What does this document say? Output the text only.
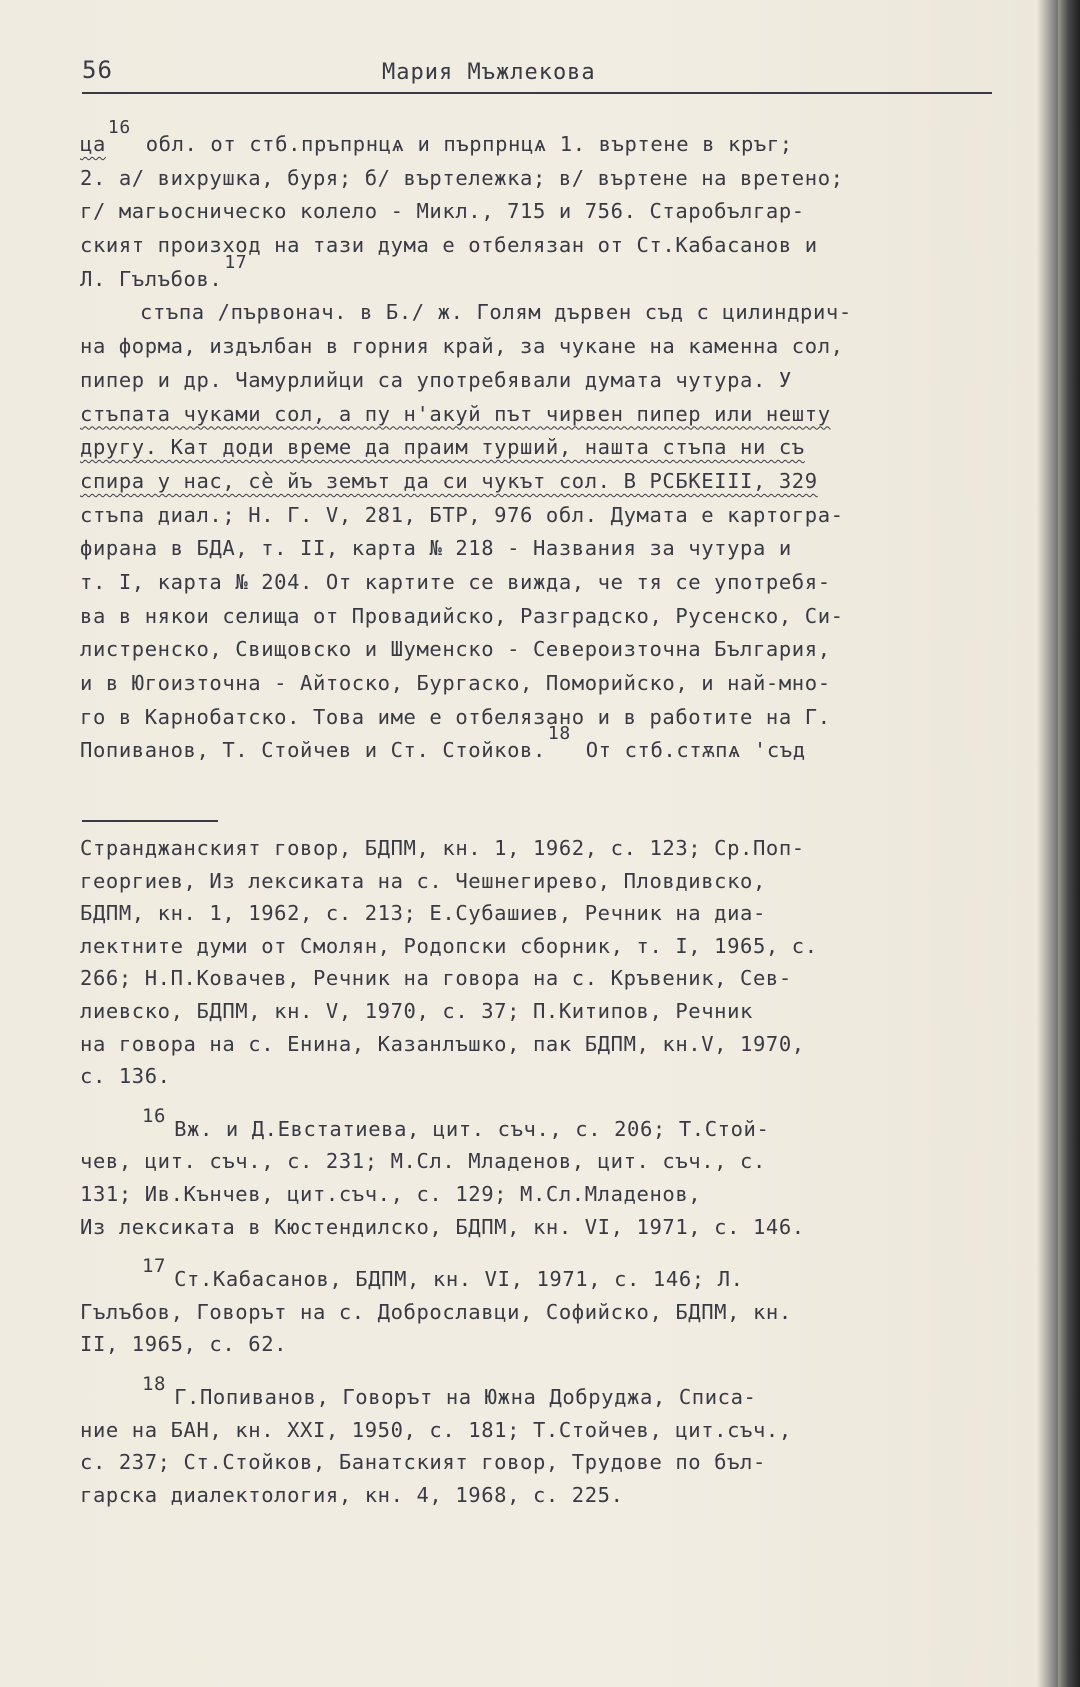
56	Мария Мъжлекова
ца16 обл. от стб.пръпрнцѧ и пърпрнцѧ 1. въртене в кръг;
2. а/ вихрушка, буря; б/ въртележка; в/ въртене на вретено;
г/ магьосническо колело - Микл., 715 и 756. Старобългар-
ският произход на тази дума е отбелязан от Ст.Кабасанов и
Л. Гълъбов.17
стъпа /първонач. в Б./ ж. Голям дървен съд с цилиндрич-
на форма, издълбан в горния край, за чукане на каменна сол,
пипер и др. Чамурлийци са употребявали думата чутура. У
стъпата чуками сол, а пу н'акуй път чирвен пипер или нешту
другу. Кат доди време да праим турший, нашта стъпа ни съ
спира у нас, сè йъ земът да си чукът сол. В РСБКЕIII, 329
стъпа диал.; Н. Г. V, 281, БТР, 976 обл. Думата е картогра-
фирана в БДА, т. II, карта № 218 - Названия за чутура и
т. I, карта № 204. От картите се вижда, че тя се употребя-
ва в някои селища от Провадийско, Разградско, Русенско, Си-
листренско, Свищовско и Шуменско - Североизточна България,
и в Югоизточна - Айтоско, Бургаско, Поморийско, и най-мно-
го в Карнобатско. Това име е отбелязано и в работите на Г.
Попиванов, Т. Стойчев и Ст. Стойков.18 От стб.стѫпѧ 'съд
Странджанският говор, БДПМ, кн. 1, 1962, с. 123; Ср.Поп-
георгиев, Из лексиката на с. Чешнегирево, Пловдивско,
БДПМ, кн. 1, 1962, с. 213; Е.Субашиев, Речник на диа-
лектните думи от Смолян, Родопски сборник, т. I, 1965, с.
266; Н.П.Ковачев, Речник на говора на с. Кръвеник, Сев-
лиевско, БДПМ, кн. V, 1970, с. 37; П.Китипов, Речник
на говора на с. Енина, Казанлъшко, пак БДПМ, кн.V, 1970,
с. 136.
16Вж. и Д.Евстатиева, цит. съч., с. 206; Т.Стой-
чев, цит. съч., с. 231; М.Сл. Младенов, цит. съч., с.
131; Ив.Кънчев, цит.съч., с. 129; М.Сл.Младенов,
Из лексиката в Кюстендилско, БДПМ, кн. VI, 1971, с. 146.
17Ст.Кабасанов, БДПМ, кн. VI, 1971, с. 146; Л.
Гълъбов, Говорът на с. Доброславци, Софийско, БДПМ, кн.
II, 1965, с. 62.
18Г.Попиванов, Говорът на Южна Добруджа, Списа-
ние на БАН, кн. XXI, 1950, с. 181; Т.Стойчев, цит.съч.,
с. 237; Ст.Стойков, Банатският говор, Трудове по бъл-
гарска диалектология, кн. 4, 1968, с. 225.
